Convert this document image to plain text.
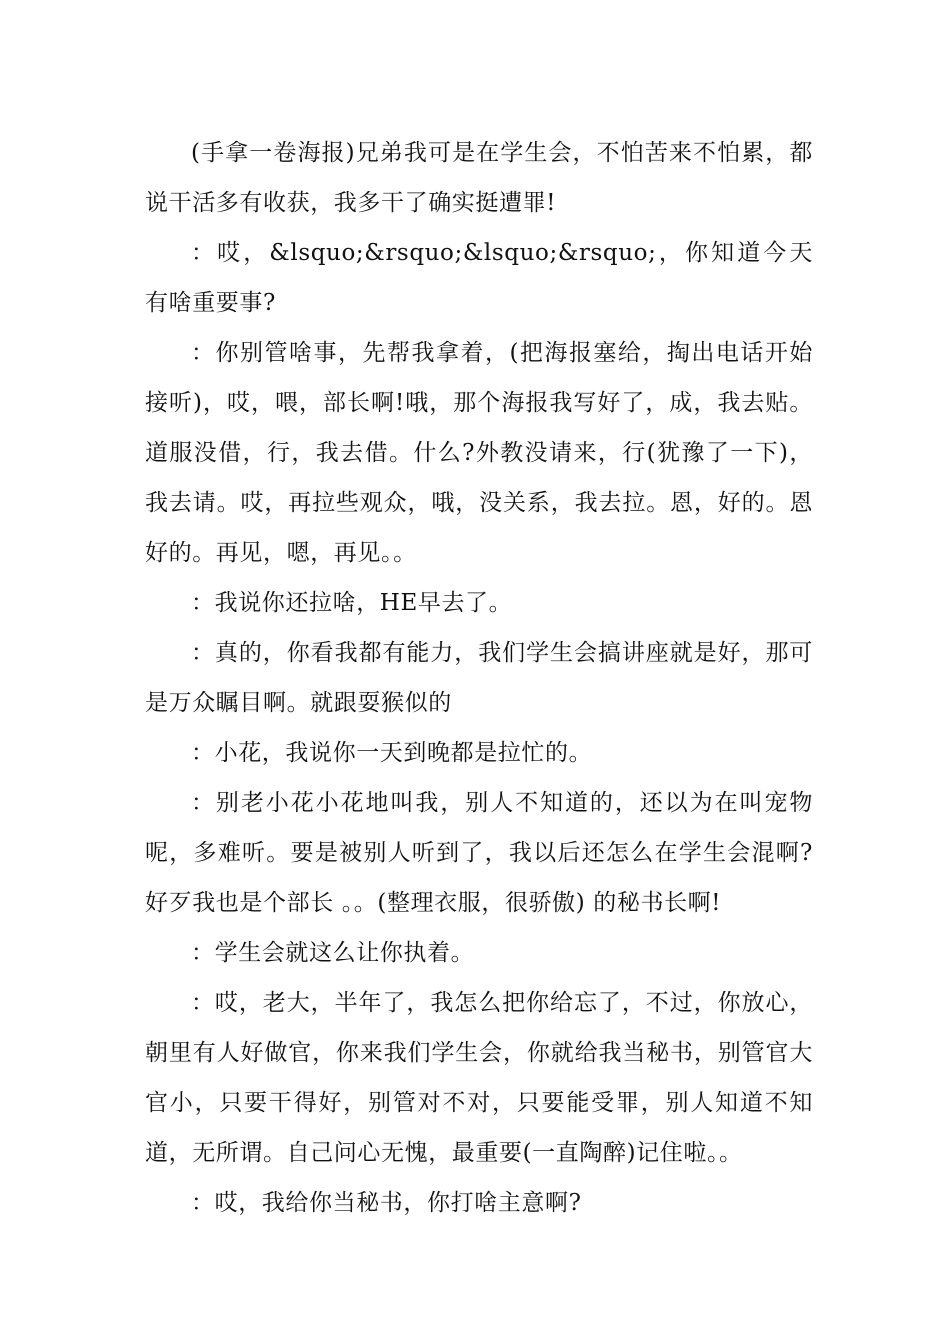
(手拿一卷海报)兄弟我可是在学生会，不怕苦来不怕累，都说干活多有收获，我多干了确实挺遭罪!

：哎，&lsquo;&rsquo;&lsquo;&rsquo;，你知道今天有啥重要事?

：你别管啥事，先帮我拿着，(把海报塞给，掏出电话开始接听)，哎，喂，部长啊!哦，那个海报我写好了，成，我去贴。道服没借，行，我去借。什么?外教没请来，行(犹豫了一下)，我去请。哎，再拉些观众，哦，没关系，我去拉。恩，好的。恩好的。再见，嗯，再见。。

：我说你还拉啥，HE早去了。

：真的，你看我都有能力，我们学生会搞讲座就是好，那可是万众瞩目啊。就跟耍猴似的

：小花，我说你一天到晚都是拉忙的。

：别老小花小花地叫我，别人不知道的，还以为在叫宠物呢，多难听。要是被别人听到了，我以后还怎么在学生会混啊?好歹我也是个部长 。。(整理衣服，很骄傲) 的秘书长啊!

：学生会就这么让你执着。

：哎，老大，半年了，我怎么把你给忘了，不过，你放心，朝里有人好做官，你来我们学生会，你就给我当秘书，别管官大官小，只要干得好，别管对不对，只要能受罪，别人知道不知道，无所谓。自己问心无愧，最重要(一直陶醉)记住啦。。

：哎，我给你当秘书，你打啥主意啊?
